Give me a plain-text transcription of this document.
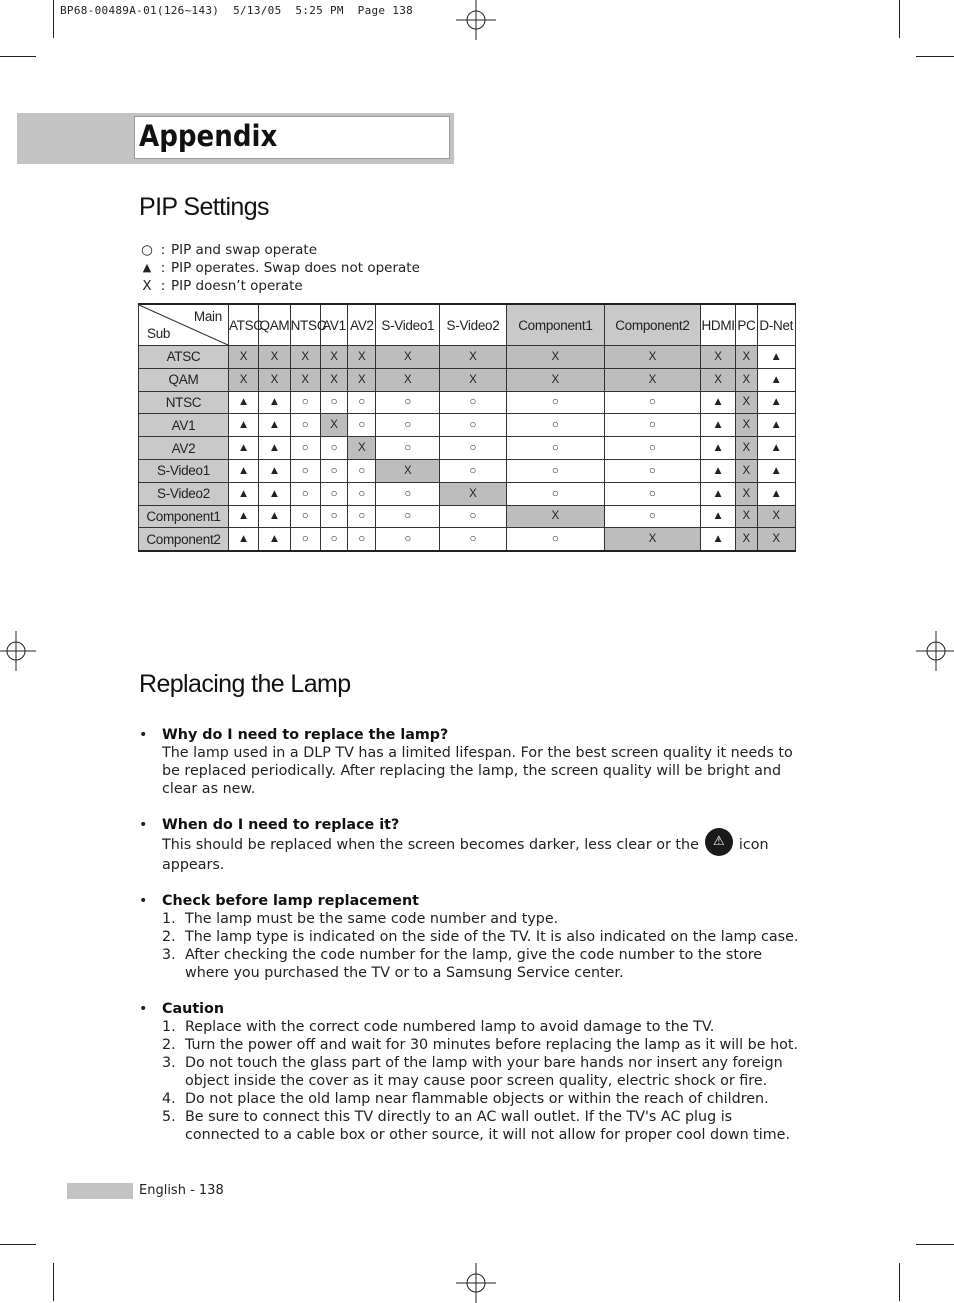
BP68-00489A-01(126~143)  5/13/05  5:25 PM  Page 138
Appendix
PIP Settings
○ : PIP and swap operate
▲ : PIP operates. Swap does not operate
X : PIP doesn’t operate
Main
Sub	ATSC	QAM	NTSC	AV1	AV2	S-Video1	S-Video2	Component1	Component2	HDMI	PC	D-Net
ATSC	X	X	X	X	X	X	X	X	X	X	X	▲
QAM	X	X	X	X	X	X	X	X	X	X	X	▲
NTSC	▲	▲	○	○	○	○	○	○	○	▲	X	▲
AV1	▲	▲	○	X	○	○	○	○	○	▲	X	▲
AV2	▲	▲	○	○	X	○	○	○	○	▲	X	▲
S-Video1	▲	▲	○	○	○	X	○	○	○	▲	X	▲
S-Video2	▲	▲	○	○	○	○	X	○	○	▲	X	▲
Component1	▲	▲	○	○	○	○	○	X	○	▲	X	X
Component2	▲	▲	○	○	○	○	○	○	X	▲	X	X
Replacing the Lamp
• Why do I need to replace the lamp?
The lamp used in a DLP TV has a limited lifespan. For the best screen quality it needs to be replaced periodically. After replacing the lamp, the screen quality will be bright and clear as new.
• When do I need to replace it?
This should be replaced when the screen becomes darker, less clear or the ⚠ icon appears.
• Check before lamp replacement
1. The lamp must be the same code number and type.
2. The lamp type is indicated on the side of the TV. It is also indicated on the lamp case.
3. After checking the code number for the lamp, give the code number to the store where you purchased the TV or to a Samsung Service center.
• Caution
1. Replace with the correct code numbered lamp to avoid damage to the TV.
2. Turn the power off and wait for 30 minutes before replacing the lamp as it will be hot.
3. Do not touch the glass part of the lamp with your bare hands nor insert any foreign object inside the cover as it may cause poor screen quality, electric shock or fire.
4. Do not place the old lamp near flammable objects or within the reach of children.
5. Be sure to connect this TV directly to an AC wall outlet. If the TV's AC plug is connected to a cable box or other source, it will not allow for proper cool down time.
English - 138
